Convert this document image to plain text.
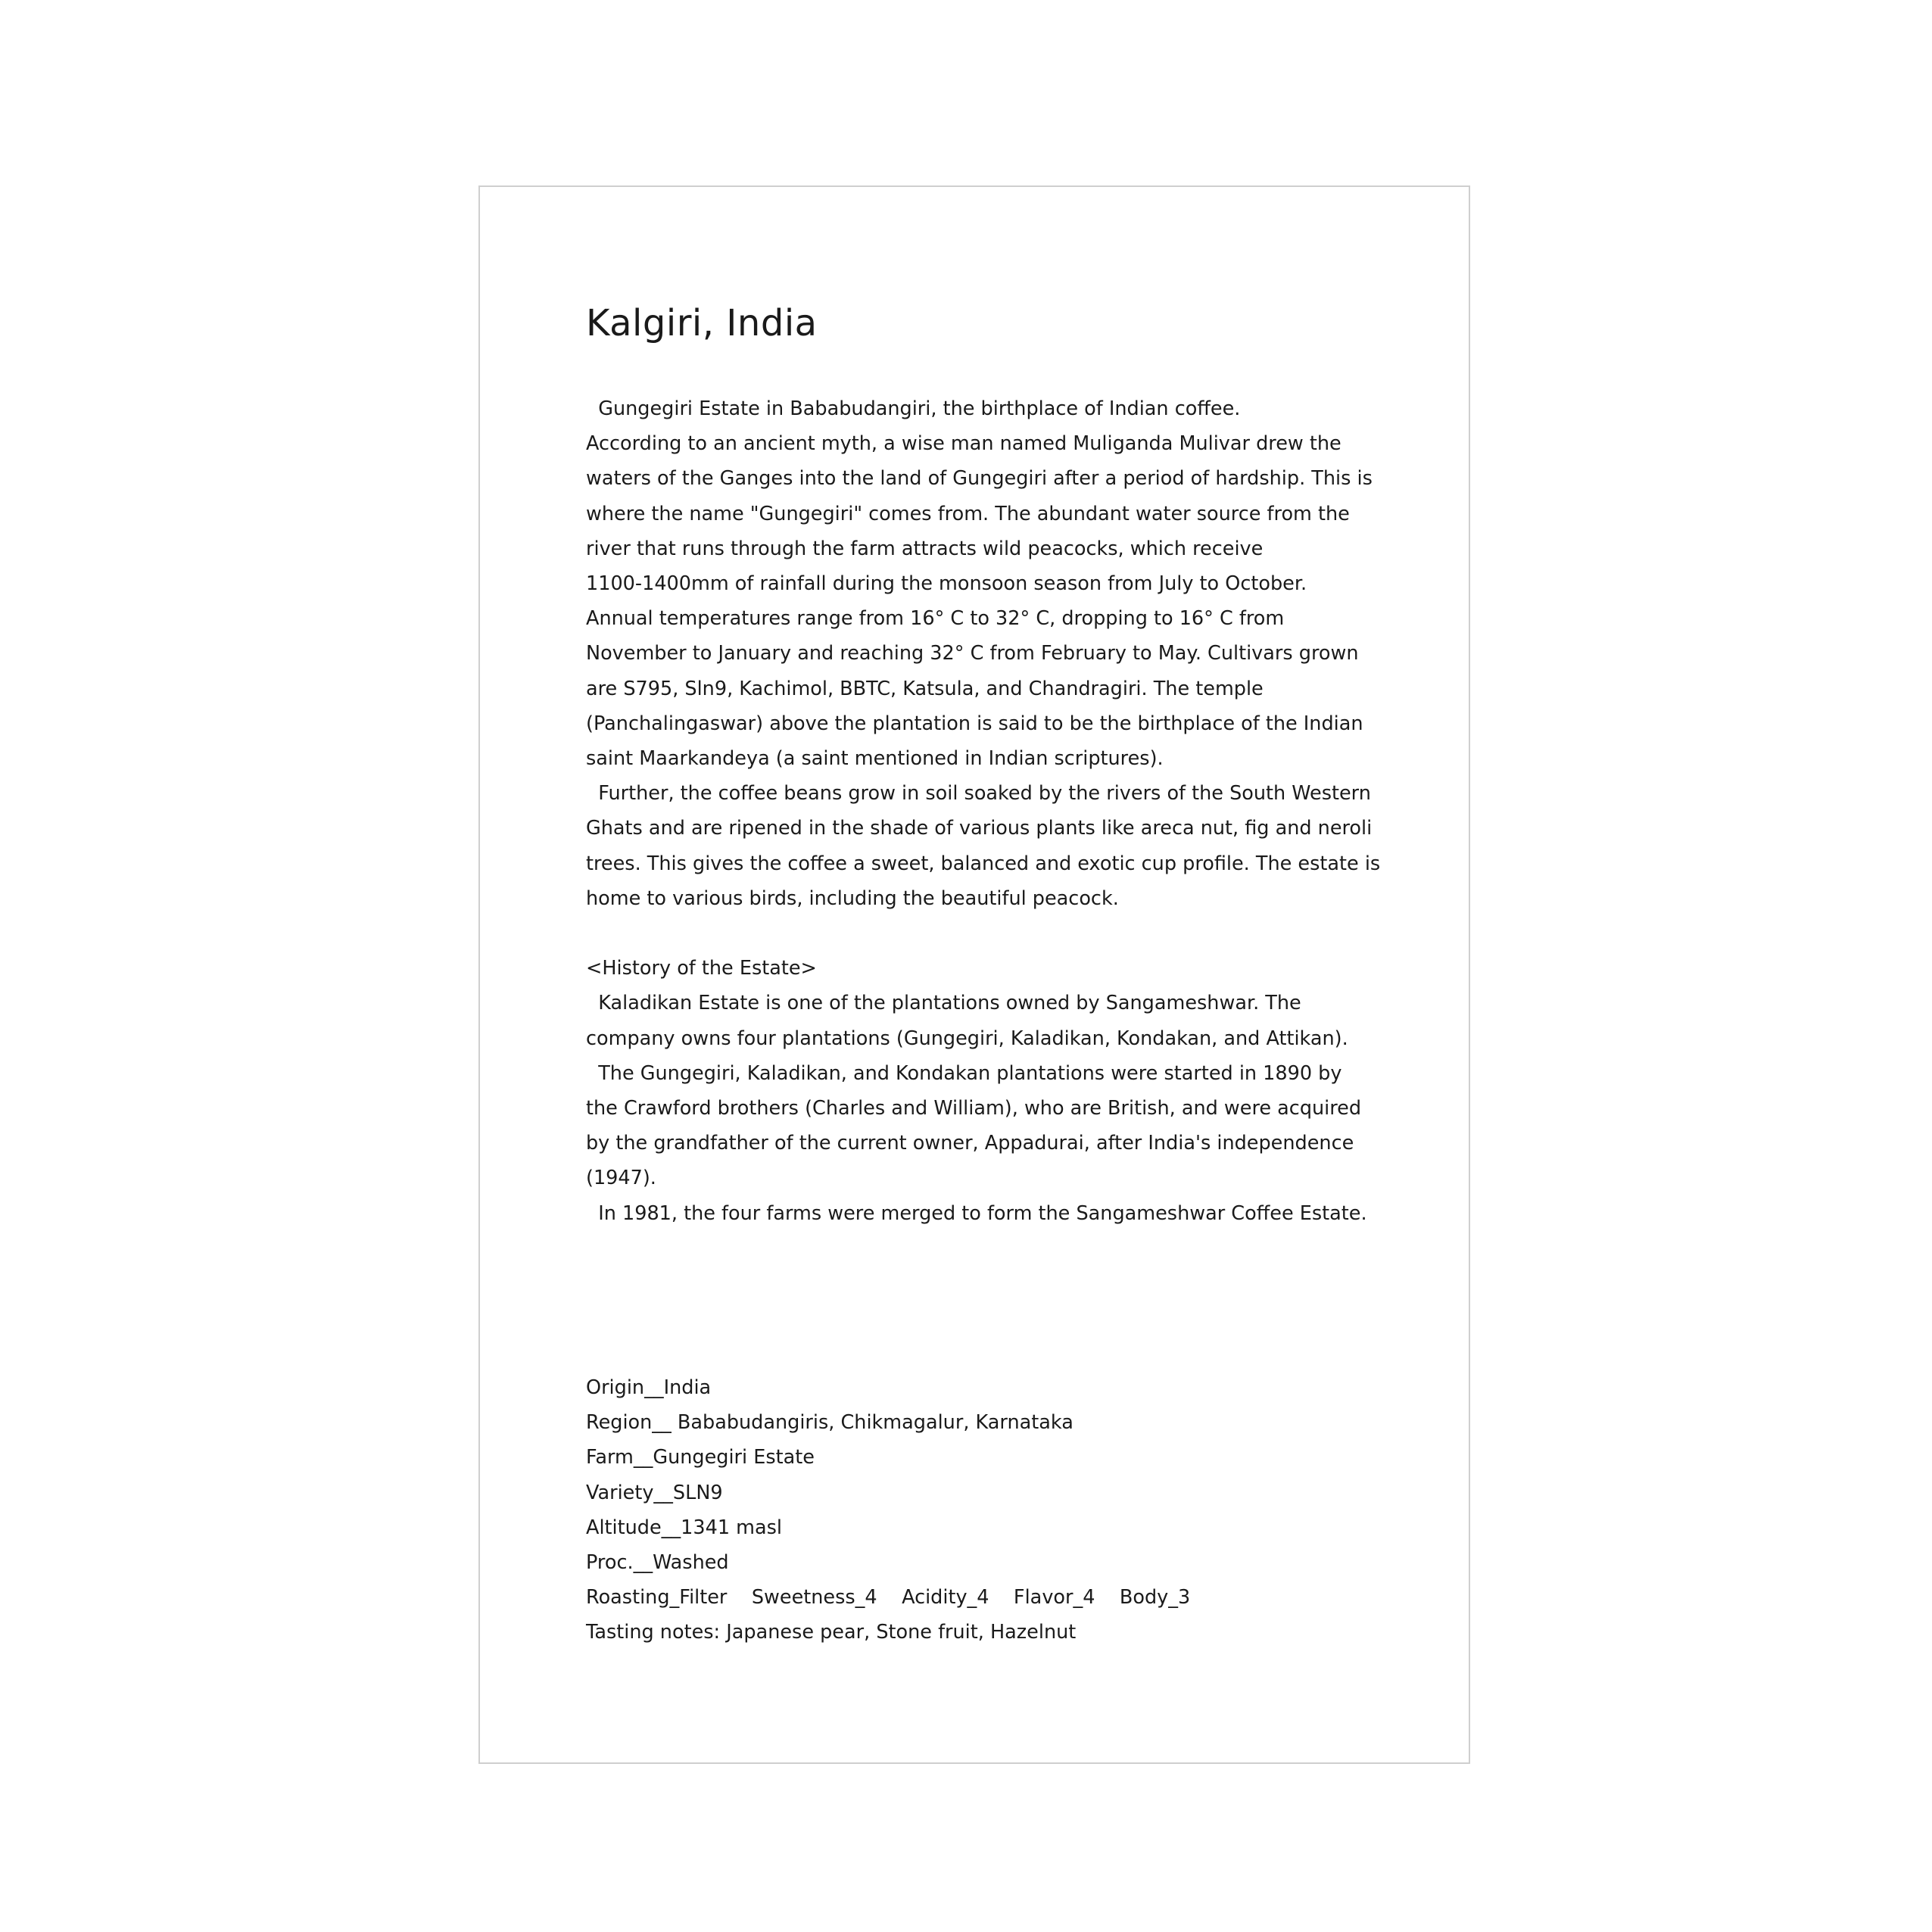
Kalgiri, India
Gungegiri Estate in Bababudangiri, the birthplace of Indian coffee.
According to an ancient myth, a wise man named Muliganda Mulivar drew the
waters of the Ganges into the land of Gungegiri after a period of hardship. This is
where the name "Gungegiri" comes from. The abundant water source from the
river that runs through the farm attracts wild peacocks, which receive
1100-1400mm of rainfall during the monsoon season from July to October.
Annual temperatures range from 16° C to 32° C, dropping to 16° C from
November to January and reaching 32° C from February to May. Cultivars grown
are S795, Sln9, Kachimol, BBTC, Katsula, and Chandragiri. The temple
(Panchalingaswar) above the plantation is said to be the birthplace of the Indian
saint Maarkandeya (a saint mentioned in Indian scriptures).
Further, the coffee beans grow in soil soaked by the rivers of the South Western
Ghats and are ripened in the shade of various plants like areca nut, fig and neroli
trees. This gives the coffee a sweet, balanced and exotic cup profile. The estate is
home to various birds, including the beautiful peacock.
<History of the Estate>
Kaladikan Estate is one of the plantations owned by Sangameshwar. The
company owns four plantations (Gungegiri, Kaladikan, Kondakan, and Attikan).
The Gungegiri, Kaladikan, and Kondakan plantations were started in 1890 by
the Crawford brothers (Charles and William), who are British, and were acquired
by the grandfather of the current owner, Appadurai, after India's independence
(1947).
In 1981, the four farms were merged to form the Sangameshwar Coffee Estate.
Origin__India
Region__ Bababudangiris, Chikmagalur, Karnataka
Farm__Gungegiri Estate
Variety__SLN9
Altitude__1341 masl
Proc.__Washed
Roasting_Filter    Sweetness_4    Acidity_4    Flavor_4    Body_3
Tasting notes: Japanese pear, Stone fruit, Hazelnut
